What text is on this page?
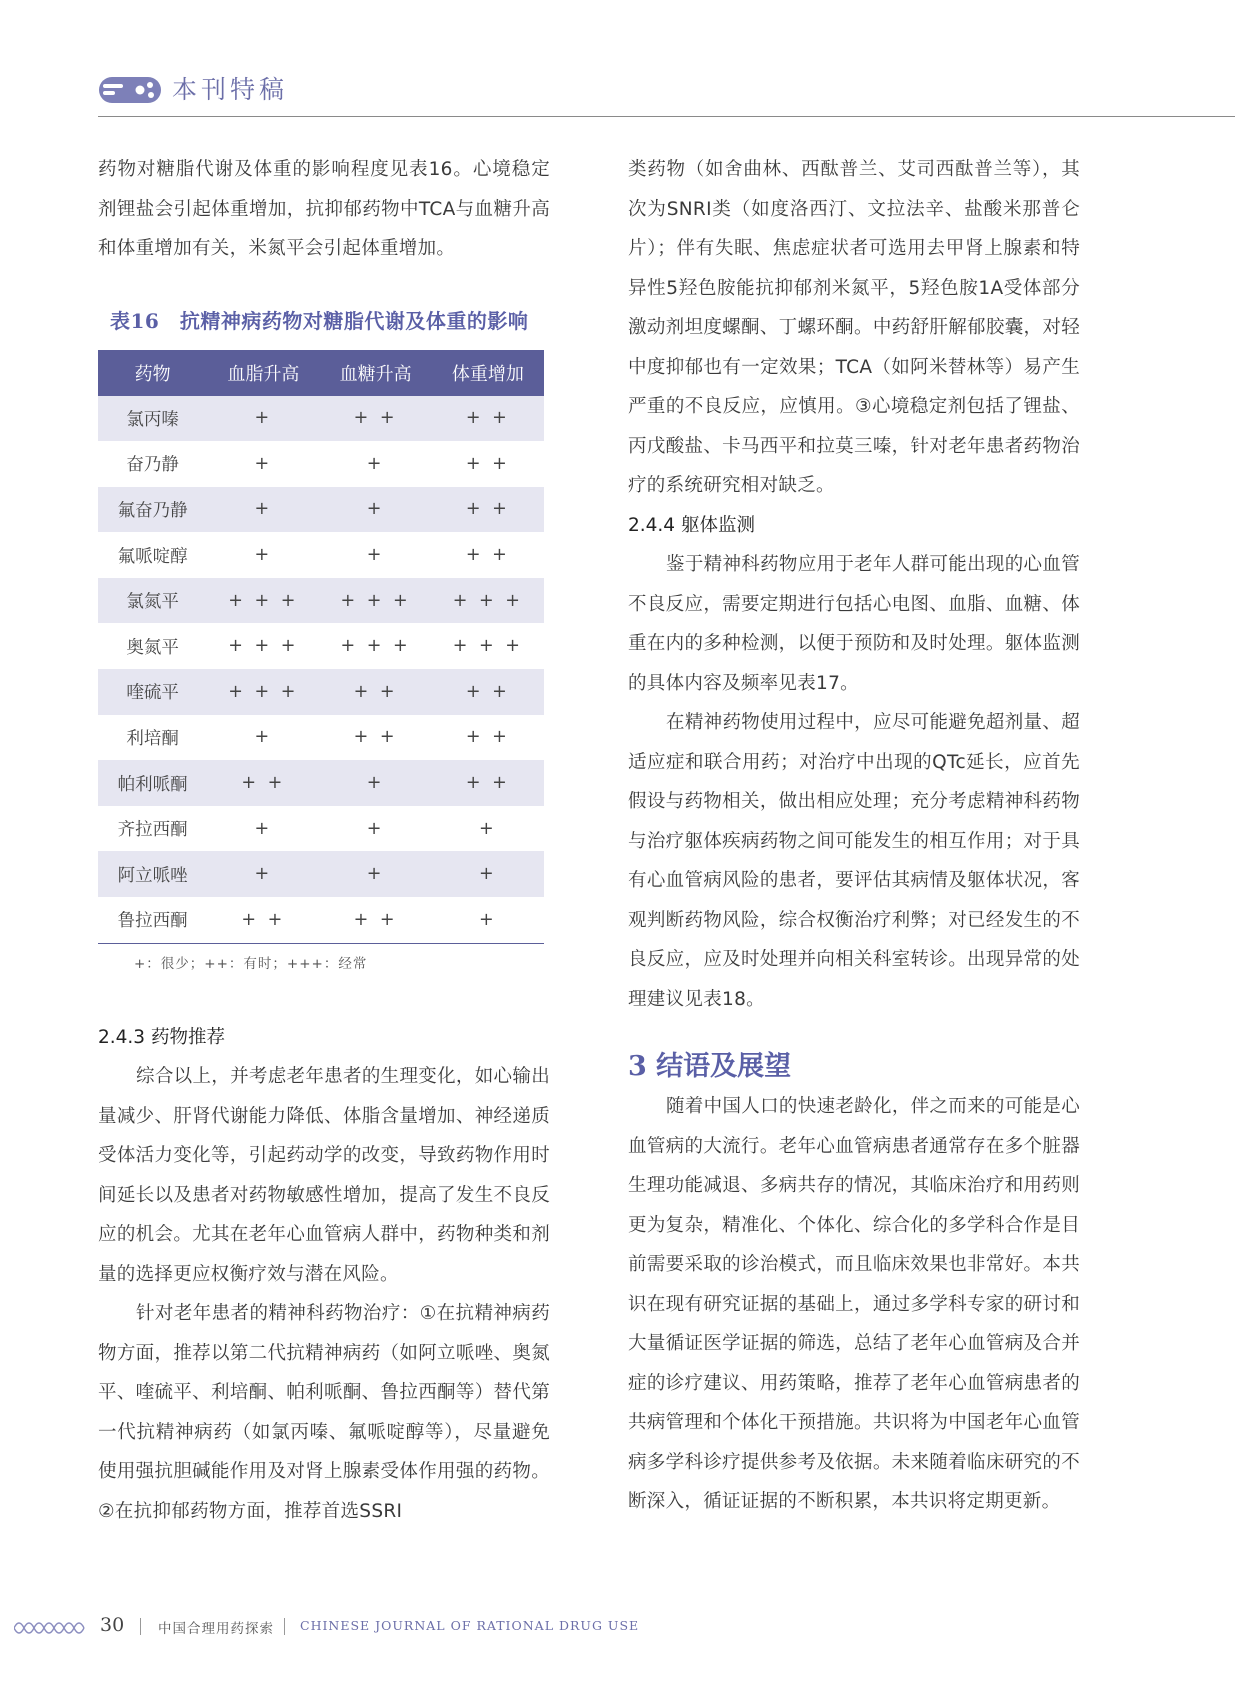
本刊特稿

药物对糖脂代谢及体重的影响程度见表16。心境稳定剂锂盐会引起体重增加，抗抑郁药物中TCA与血糖升高和体重增加有关，米氮平会引起体重增加。

表16　抗精神病药物对糖脂代谢及体重的影响
药物	血脂升高	血糖升高	体重增加
氯丙嗪	+	+ +	+ +
奋乃静	+	+	+ +
氟奋乃静	+	+	+ +
氟哌啶醇	+	+	+ +
氯氮平	+ + +	+ + +	+ + +
奥氮平	+ + +	+ + +	+ + +
喹硫平	+ + +	+ +	+ +
利培酮	+	+ +	+ +
帕利哌酮	+ +	+	+ +
齐拉西酮	+	+	+
阿立哌唑	+	+	+
鲁拉西酮	+ +	+ +	+
+：很少；++：有时；+++：经常
2.4.3 药物推荐

综合以上，并考虑老年患者的生理变化，如心输出量减少、肝肾代谢能力降低、体脂含量增加、神经递质受体活力变化等，引起药动学的改变，导致药物作用时间延长以及患者对药物敏感性增加，提高了发生不良反应的机会。尤其在老年心血管病人群中，药物种类和剂量的选择更应权衡疗效与潜在风险。

针对老年患者的精神科药物治疗：①在抗精神病药物方面，推荐以第二代抗精神病药（如阿立哌唑、奥氮平、喹硫平、利培酮、帕利哌酮、鲁拉西酮等）替代第一代抗精神病药（如氯丙嗪、氟哌啶醇等），尽量避免使用强抗胆碱能作用及对肾上腺素受体作用强的药物。②在抗抑郁药物方面，推荐首选SSRI

类药物（如舍曲林、西酞普兰、艾司西酞普兰等），其次为SNRI类（如度洛西汀、文拉法辛、盐酸米那普仑片）；伴有失眠、焦虑症状者可选用去甲肾上腺素和特异性5羟色胺能抗抑郁剂米氮平，5羟色胺1A受体部分激动剂坦度螺酮、丁螺环酮。中药舒肝解郁胶囊，对轻中度抑郁也有一定效果；TCA（如阿米替林等）易产生严重的不良反应，应慎用。③心境稳定剂包括了锂盐、丙戊酸盐、卡马西平和拉莫三嗪，针对老年患者药物治疗的系统研究相对缺乏。

2.4.4 躯体监测

鉴于精神科药物应用于老年人群可能出现的心血管不良反应，需要定期进行包括心电图、血脂、血糖、体重在内的多种检测，以便于预防和及时处理。躯体监测的具体内容及频率见表17。

在精神药物使用过程中，应尽可能避免超剂量、超适应症和联合用药；对治疗中出现的QTc延长，应首先假设与药物相关，做出相应处理；充分考虑精神科药物与治疗躯体疾病药物之间可能发生的相互作用；对于具有心血管病风险的患者，要评估其病情及躯体状况，客观判断药物风险，综合权衡治疗利弊；对已经发生的不良反应，应及时处理并向相关科室转诊。出现异常的处理建议见表18。

3 结语及展望

随着中国人口的快速老龄化，伴之而来的可能是心血管病的大流行。老年心血管病患者通常存在多个脏器生理功能减退、多病共存的情况，其临床治疗和用药则更为复杂，精准化、个体化、综合化的多学科合作是目前需要采取的诊治模式，而且临床效果也非常好。本共识在现有研究证据的基础上，通过多学科专家的研讨和大量循证医学证据的筛选，总结了老年心血管病及合并症的诊疗建议、用药策略，推荐了老年心血管病患者的共病管理和个体化干预措施。共识将为中国老年心血管病多学科诊疗提供参考及依据。未来随着临床研究的不断深入，循证证据的不断积累，本共识将定期更新。

30	中国合理用药探索 CHINESE JOURNAL OF RATIONAL DRUG USE
